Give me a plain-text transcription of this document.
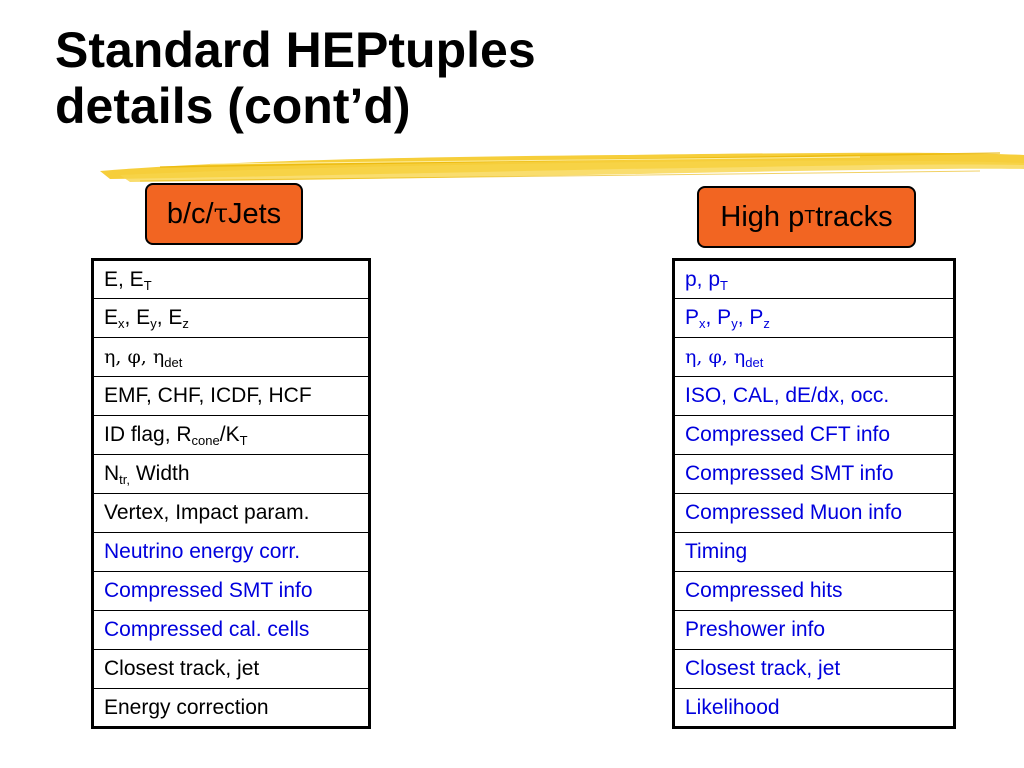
Standard HEPtuples
details (cont’d)
b/c/ τ Jets	High p T tracks
E, $E_T$
$E_x$, $E_y$, $E_z$
η, φ, $\eta_{det}$
EMF, CHF, ICDF, HCF
ID flag, $R_{cone}/K_T$
$N_{tr,}$ Width
Vertex, Impact param.
Neutrino energy corr.
Compressed SMT info
Compressed cal. cells
Closest track, jet
Energy correction
p, $p_T$
$P_x$, $P_y$, $P_z$
η, φ, $\eta_{det}$
ISO, CAL, dE/dx, occ.
Compressed CFT info
Compressed SMT info
Compressed Muon info
Timing
Compressed hits
Preshower info
Closest track, jet
Likelihood
